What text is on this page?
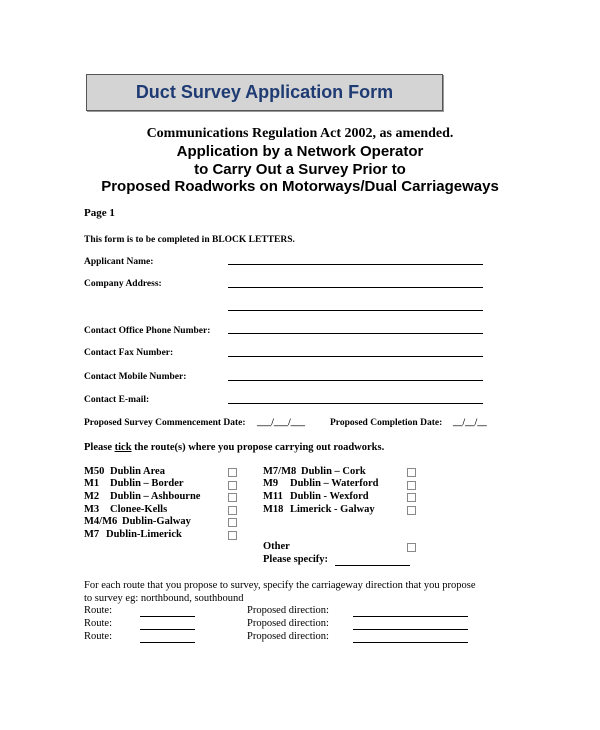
Duct Survey Application Form
Communications Regulation Act 2002, as amended.
Application by a Network Operator
to Carry Out a Survey Prior to
Proposed Roadworks on Motorways/Dual Carriageways
Page 1
This form is to be completed in BLOCK LETTERS.
Applicant Name:
Company Address:
Contact Office Phone Number:
Contact Fax Number:
Contact Mobile Number:
Contact E-mail:
Proposed Survey Commencement Date: ___/___/___	Proposed Completion Date: __/__/__
Please tick the route(s) where you propose carrying out roadworks.
M50 Dublin Area
M1 Dublin – Border
M2 Dublin – Ashbourne
M3 Clonee-Kells
M4/M6 Dublin-Galway
M7 Dublin-Limerick
M7/M8 Dublin – Cork
M9 Dublin – Waterford
M11 Dublin - Wexford
M18 Limerick - Galway
Other
Please specify:
For each route that you propose to survey, specify the carriageway direction that you propose
to survey eg: northbound, southbound
Route:	Proposed direction:
Route:	Proposed direction:
Route:	Proposed direction:
